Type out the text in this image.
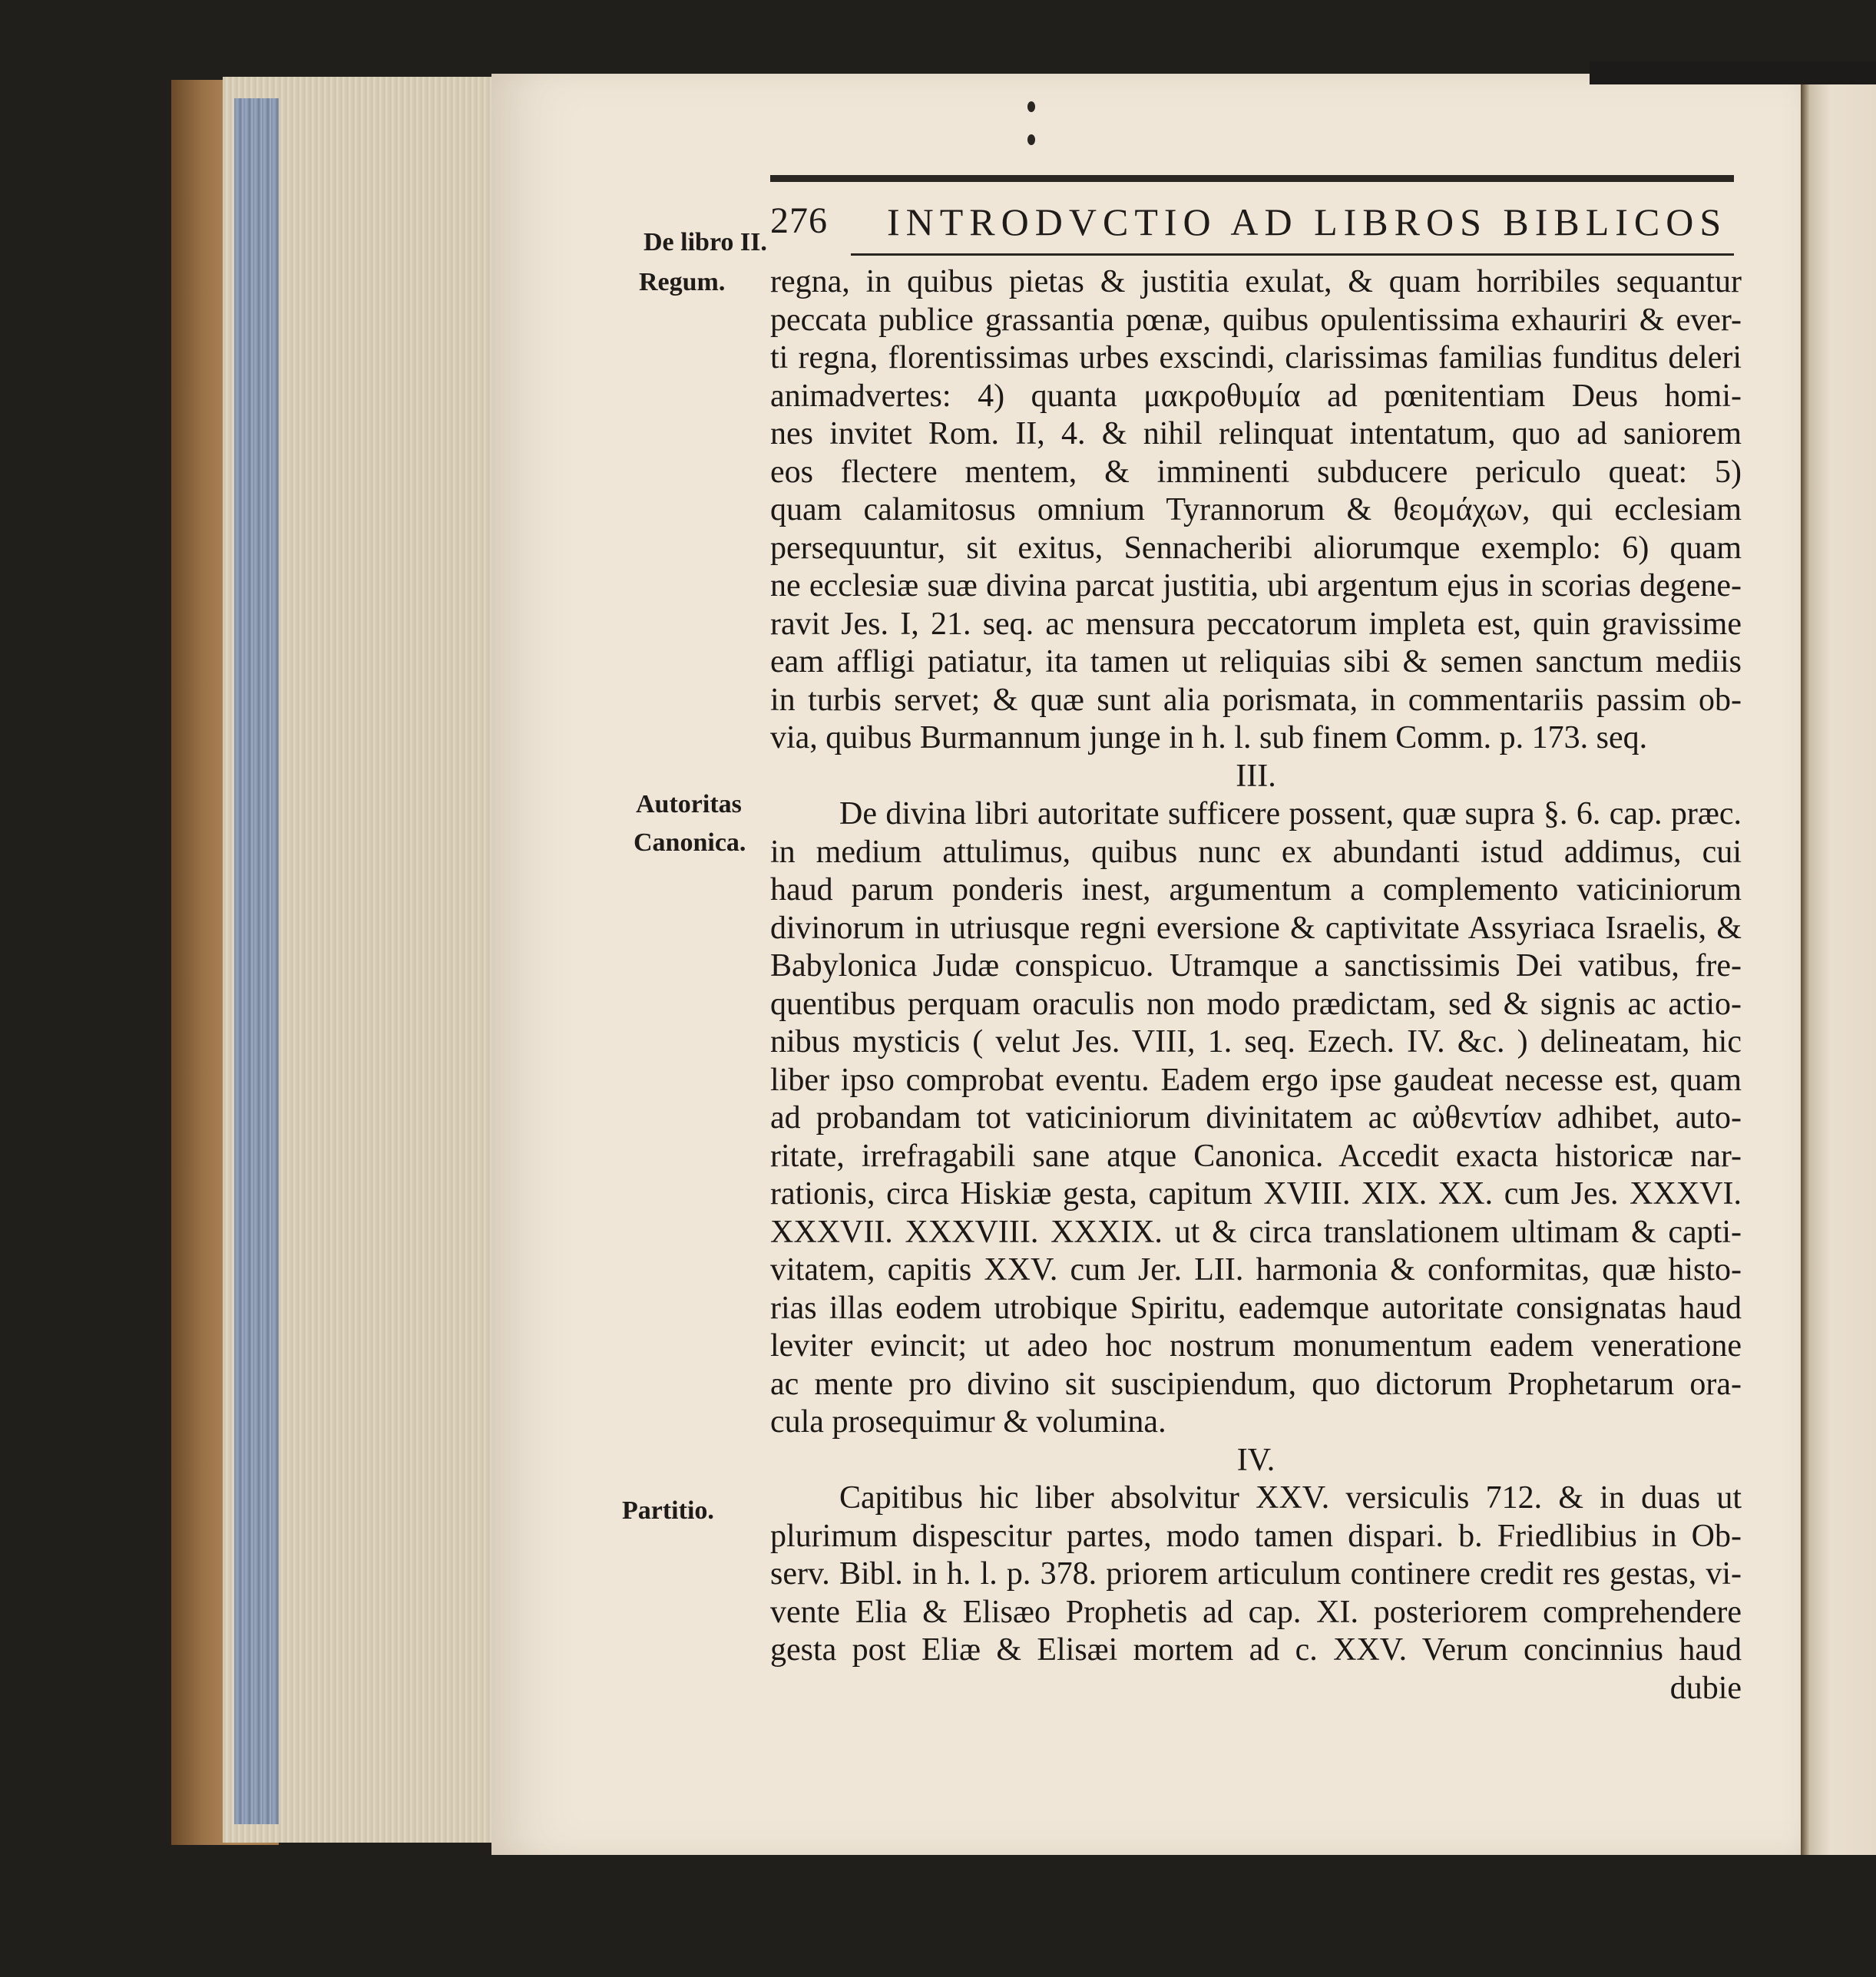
276 INTRODVCTIO AD LIBROS BIBLICOS
De libro II.
Regum.
Autoritas
Canonica.
Partitio.
regna, in quibus pietas & justitia exulat, & quam horribiles sequantur
peccata publice grassantia pœnæ, quibus opulentissima exhauriri & ever-
ti regna, florentissimas urbes exscindi, clarissimas familias funditus deleri
animadvertes: 4) quanta μακροθυμία ad pœnitentiam Deus homi-
nes invitet Rom. II, 4. & nihil relinquat intentatum, quo ad saniorem
eos flectere mentem, & imminenti subducere periculo queat: 5)
quam calamitosus omnium Tyrannorum & θεομάχων, qui ecclesiam
persequuntur, sit exitus, Sennacheribi aliorumque exemplo: 6) quam
ne ecclesiæ suæ divina parcat justitia, ubi argentum ejus in scorias degene-
ravit Jes. I, 21. seq. ac mensura peccatorum impleta est, quin gravissime
eam affligi patiatur, ita tamen ut reliquias sibi & semen sanctum mediis
in turbis servet; & quæ sunt alia porismata, in commentariis passim ob-
via, quibus Burmannum junge in h. l. sub finem Comm. p. 173. seq.
III.
De divina libri autoritate sufficere possent, quæ supra §. 6. cap. præc.
in medium attulimus, quibus nunc ex abundanti istud addimus, cui
haud parum ponderis inest, argumentum a complemento vaticiniorum
divinorum in utriusque regni eversione & captivitate Assyriaca Israelis, &
Babylonica Judæ conspicuo. Utramque a sanctissimis Dei vatibus, fre-
quentibus perquam oraculis non modo prædictam, sed & signis ac actio-
nibus mysticis ( velut Jes. VIII, 1. seq. Ezech. IV. &c. ) delineatam, hic
liber ipso comprobat eventu. Eadem ergo ipse gaudeat necesse est, quam
ad probandam tot vaticiniorum divinitatem ac αὐθεντίαν adhibet, auto-
ritate, irrefragabili sane atque Canonica. Accedit exacta historicæ nar-
rationis, circa Hiskiæ gesta, capitum XVIII. XIX. XX. cum Jes. XXXVI.
XXXVII. XXXVIII. XXXIX. ut & circa translationem ultimam & capti-
vitatem, capitis XXV. cum Jer. LII. harmonia & conformitas, quæ histo-
rias illas eodem utrobique Spiritu, eademque autoritate consignatas haud
leviter evincit; ut adeo hoc nostrum monumentum eadem veneratione
ac mente pro divino sit suscipiendum, quo dictorum Prophetarum ora-
cula prosequimur & volumina.
IV.
Capitibus hic liber absolvitur XXV. versiculis 712. & in duas ut
plurimum dispescitur partes, modo tamen dispari. b. Friedlibius in Ob-
serv. Bibl. in h. l. p. 378. priorem articulum continere credit res gestas, vi-
vente Elia & Elisæo Prophetis ad cap. XI. posteriorem comprehendere
gesta post Eliæ & Elisæi mortem ad c. XXV. Verum concinnius haud
dubie
